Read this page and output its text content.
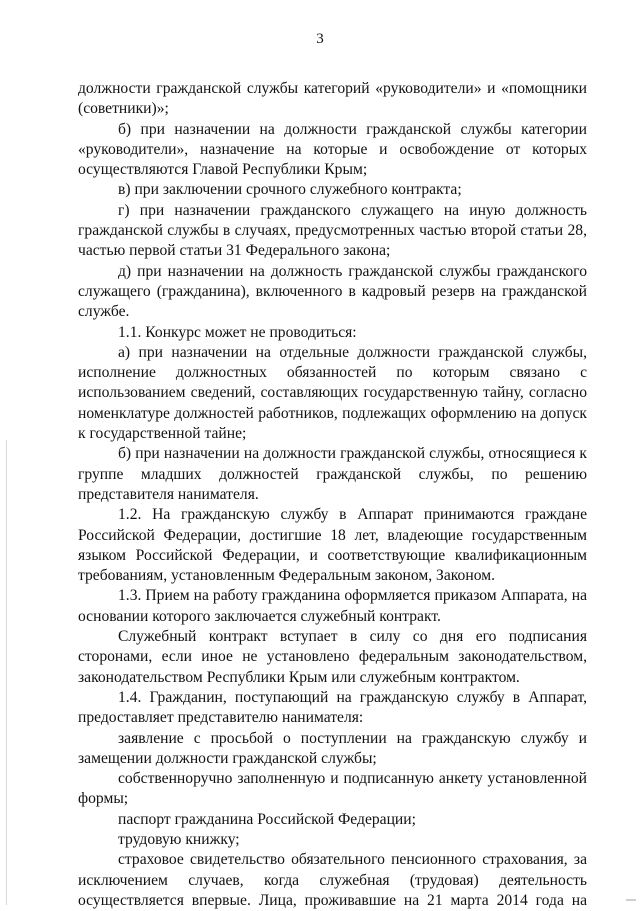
3

должности гражданской службы категорий «руководители» и «помощники (советники)»;

б) при назначении на должности гражданской службы категории «руководители», назначение на которые и освобождение от которых осуществляются Главой Республики Крым;

в) при заключении срочного служебного контракта;

г) при назначении гражданского служащего на иную должность гражданской службы в случаях, предусмотренных частью второй статьи 28, частью первой статьи 31 Федерального закона;

д) при назначении на должность гражданской службы гражданского служащего (гражданина), включенного в кадровый резерв на гражданской службе.

1.1. Конкурс может не проводиться:

а) при назначении на отдельные должности гражданской службы, исполнение должностных обязанностей по которым связано с использованием сведений, составляющих государственную тайну, согласно номенклатуре должностей работников, подлежащих оформлению на допуск к государственной тайне;

б) при назначении на должности гражданской службы, относящиеся к группе младших должностей гражданской службы, по решению представителя нанимателя.

1.2. На гражданскую службу в Аппарат принимаются граждане Российской Федерации, достигшие 18 лет, владеющие государственным языком Российской Федерации, и соответствующие квалификационным требованиям, установленным Федеральным законом, Законом.

1.3. Прием на работу гражданина оформляется приказом Аппарата, на основании которого заключается служебный контракт.

Служебный контракт вступает в силу со дня его подписания сторонами, если иное не установлено федеральным законодательством, законодательством Республики Крым или служебным контрактом.

1.4. Гражданин, поступающий на гражданскую службу в Аппарат, предоставляет представителю нанимателя:

заявление с просьбой о поступлении на гражданскую службу и замещении должности гражданской службы;

собственноручно заполненную и подписанную анкету установленной формы;

паспорт гражданина Российской Федерации;

трудовую книжку;

страховое свидетельство обязательного пенсионного страхования, за исключением случаев, когда служебная (трудовая) деятельность осуществляется впервые. Лица, проживавшие на 21 марта 2014 года на
